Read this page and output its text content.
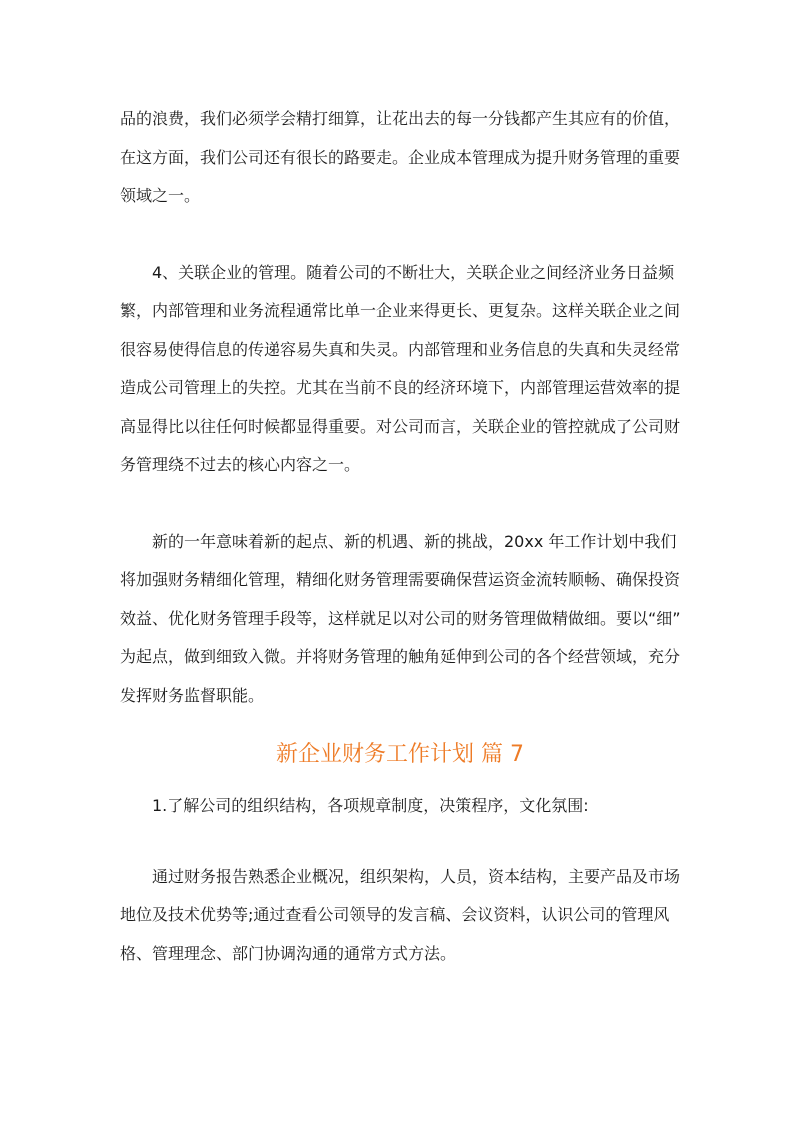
品的浪费，我们必须学会精打细算，让花出去的每一分钱都产生其应有的价值，
在这方面，我们公司还有很长的路要走。企业成本管理成为提升财务管理的重要
领域之一。

4、关联企业的管理。随着公司的不断壮大，关联企业之间经济业务日益频
繁，内部管理和业务流程通常比单一企业来得更长、更复杂。这样关联企业之间
很容易使得信息的传递容易失真和失灵。内部管理和业务信息的失真和失灵经常
造成公司管理上的失控。尤其在当前不良的经济环境下，内部管理运营效率的提
高显得比以往任何时候都显得重要。对公司而言，关联企业的管控就成了公司财
务管理绕不过去的核心内容之一。

新的一年意味着新的起点、新的机遇、新的挑战，20xx 年工作计划中我们
将加强财务精细化管理，精细化财务管理需要确保营运资金流转顺畅、确保投资
效益、优化财务管理手段等，这样就足以对公司的财务管理做精做细。要以“细”
为起点，做到细致入微。并将财务管理的触角延伸到公司的各个经营领域，充分
发挥财务监督职能。

新企业财务工作计划 篇 7

1.了解公司的组织结构，各项规章制度，决策程序，文化氛围:

通过财务报告熟悉企业概况，组织架构，人员，资本结构，主要产品及市场
地位及技术优势等;通过查看公司领导的发言稿、会议资料，认识公司的管理风
格、管理理念、部门协调沟通的通常方式方法。
